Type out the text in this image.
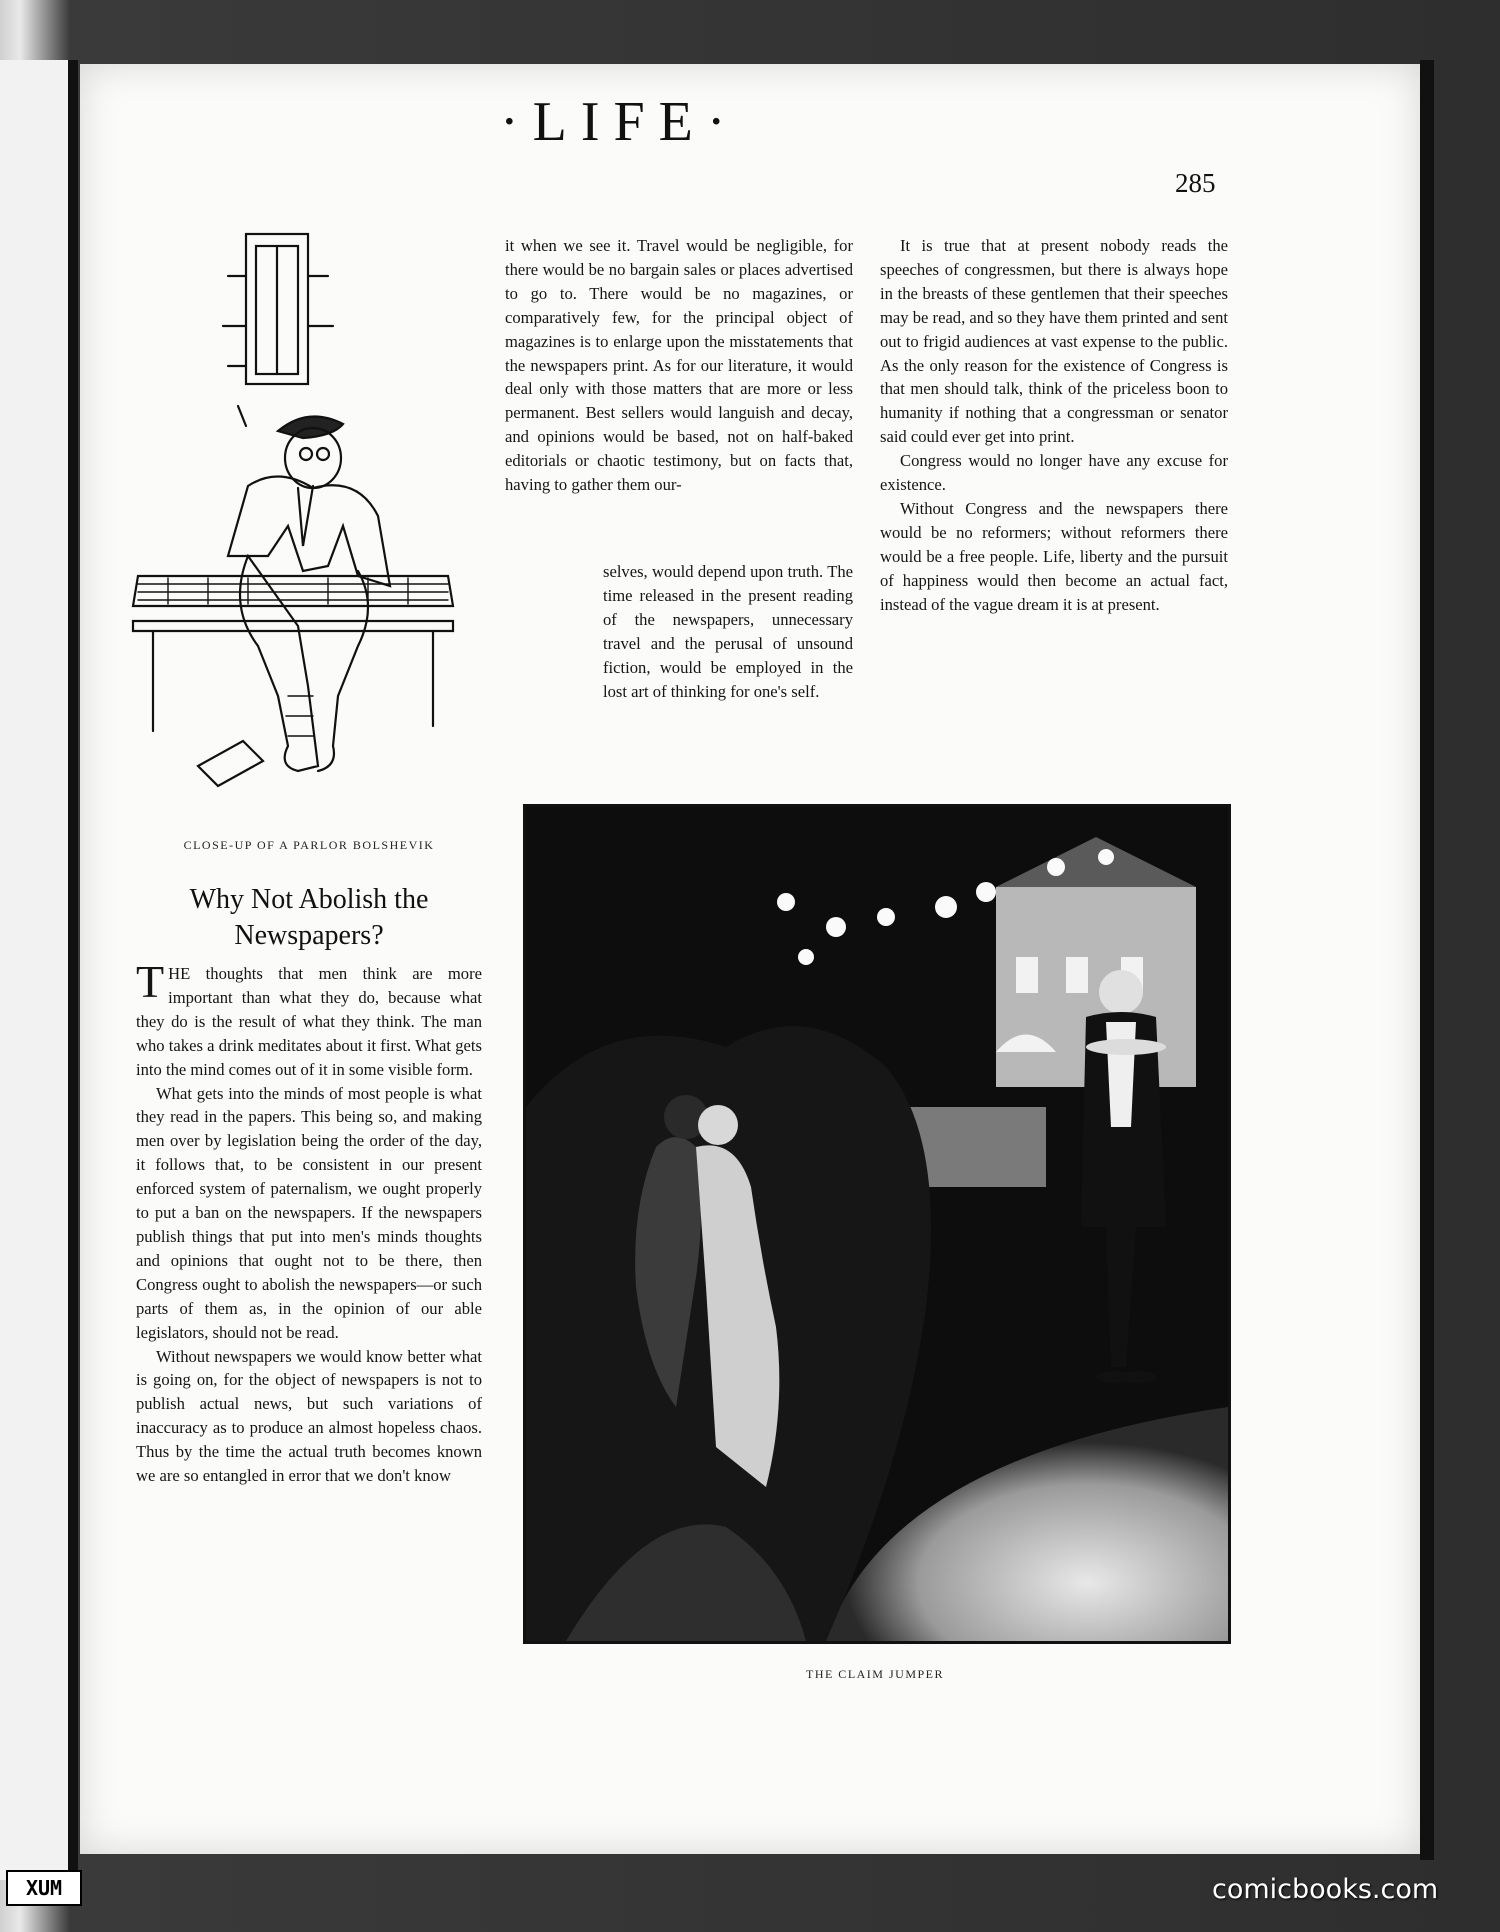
·LIFE·
285
CLOSE-UP OF A PARLOR BOLSHEVIK

it when we see it. Travel would be negligible, for there would be no bargain sales or places advertised to go to. There would be no magazines, or comparatively few, for the principal object of magazines is to enlarge upon the misstatements that the newspapers print. As for our literature, it would deal only with those matters that are more or less permanent. Best sellers would languish and decay, and opinions would be based, not on half-baked editorials or chaotic testimony, but on facts that, having to gather them our-

selves, would depend upon truth. The time released in the present reading of the newspapers, unnecessary travel and the perusal of unsound fiction, would be employed in the lost art of thinking for one's self.

It is true that at present nobody reads the speeches of congressmen, but there is always hope in the breasts of these gentlemen that their speeches may be read, and so they have them printed and sent out to frigid audiences at vast expense to the public. As the only reason for the existence of Congress is that men should talk, think of the priceless boon to humanity if nothing that a congressman or senator said could ever get into print.

Congress would no longer have any excuse for existence.

Without Congress and the newspapers there would be no reformers; without reformers there would be a free people. Life, liberty and the pursuit of happiness would then become an actual fact, instead of the vague dream it is at present.

Why Not Abolish the Newspapers?

THE thoughts that men think are more important than what they do, because what they do is the result of what they think. The man who takes a drink meditates about it first. What gets into the mind comes out of it in some visible form.

What gets into the minds of most people is what they read in the papers. This being so, and making men over by legislation being the order of the day, it follows that, to be consistent in our present enforced system of paternalism, we ought properly to put a ban on the newspapers. If the newspapers publish things that put into men's minds thoughts and opinions that ought not to be there, then Congress ought to abolish the newspapers—or such parts of them as, in the opinion of our able legislators, should not be read.

Without newspapers we would know better what is going on, for the object of newspapers is not to publish actual news, but such variations of inaccuracy as to produce an almost hopeless chaos. Thus by the time the actual truth becomes known we are so entangled in error that we don't know

THE CLAIM JUMPER
XUM	comicbooks.com
